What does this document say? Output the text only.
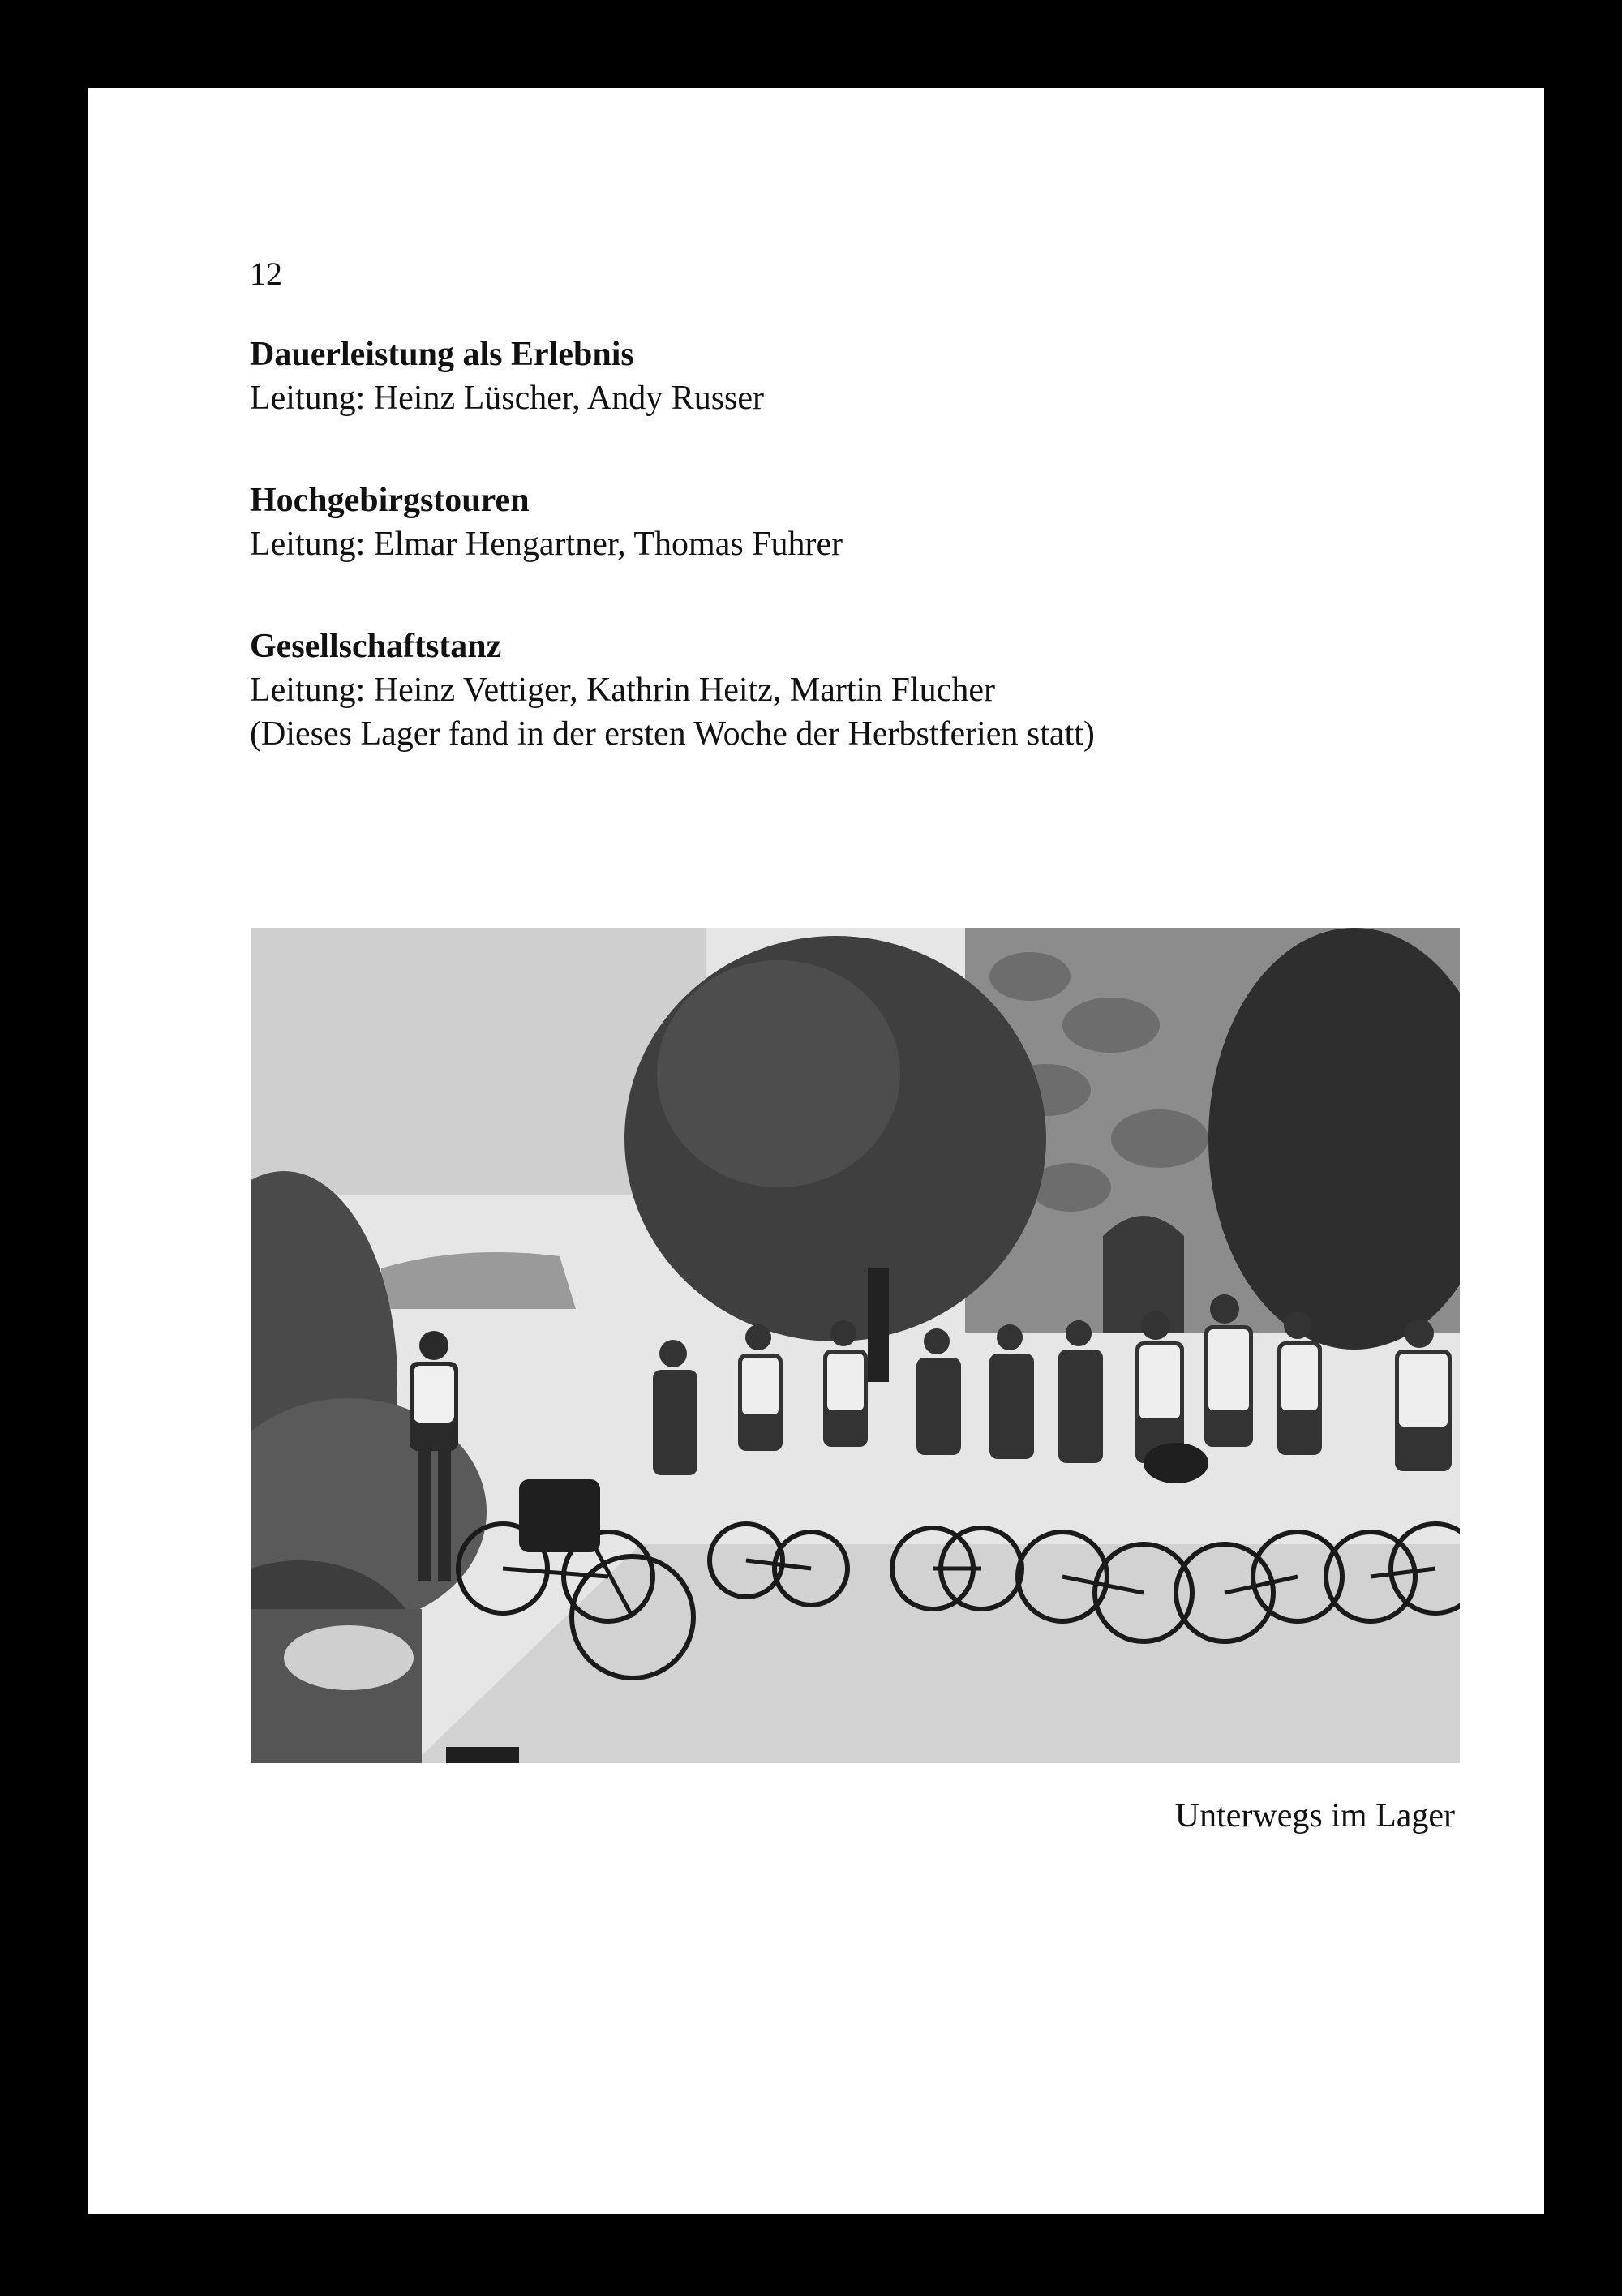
12
Dauerleistung als Erlebnis
Leitung: Heinz Lüscher, Andy Russer
Hochgebirgstouren
Leitung: Elmar Hengartner, Thomas Fuhrer
Gesellschaftstanz
Leitung: Heinz Vettiger, Kathrin Heitz, Martin Flucher
(Dieses Lager fand in der ersten Woche der Herbstferien statt)
Unterwegs im Lager
